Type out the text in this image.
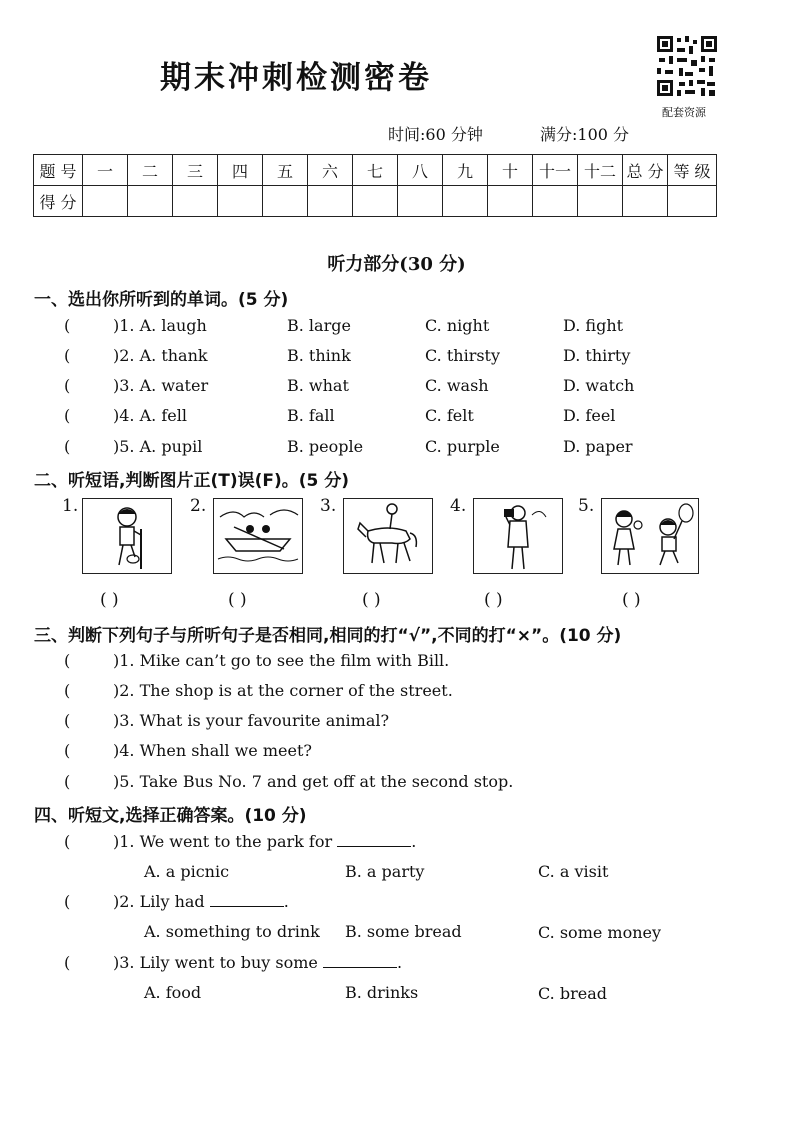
期末冲刺检测密卷
配套资源
时间:60 分钟	满分:100 分
题 号	一	二	三	四	五	六	七	八	九	十	十一	十二	总 分	等 级
得 分														
听力部分(30 分)
一、选出你所听到的单词。(5 分)
(	)1. A. laugh	B. large	C. night	D. fight
(	)2. A. thank	B. think	C. thirsty	D. thirty
(	)3. A. water	B. what	C. wash	D. watch
(	)4. A. fell	B. fall	C. felt	D. feel
(	)5. A. pupil	B. people	C. purple	D. paper
二、听短语,判断图片正(T)误(F)。(5 分)
1.	2.	3.	4.	5.
( )	( )	( )	( )	( )
三、判断下列句子与所听句子是否相同,相同的打“√”,不同的打“×”。(10 分)
(	)1. Mike can’t go to see the film with Bill.
(	)2. The shop is at the corner of the street.
(	)3. What is your favourite animal?
(	)4. When shall we meet?
(	)5. Take Bus No. 7 and get off at the second stop.
四、听短文,选择正确答案。(10 分)
(	)1. We went to the park for	.
A. a picnic	B. a party	C. a visit
(	)2. Lily had	.
A. something to drink B. some bread	C. some money
(	)3. Lily went to buy some	.
A. food	B. drinks	C. bread
